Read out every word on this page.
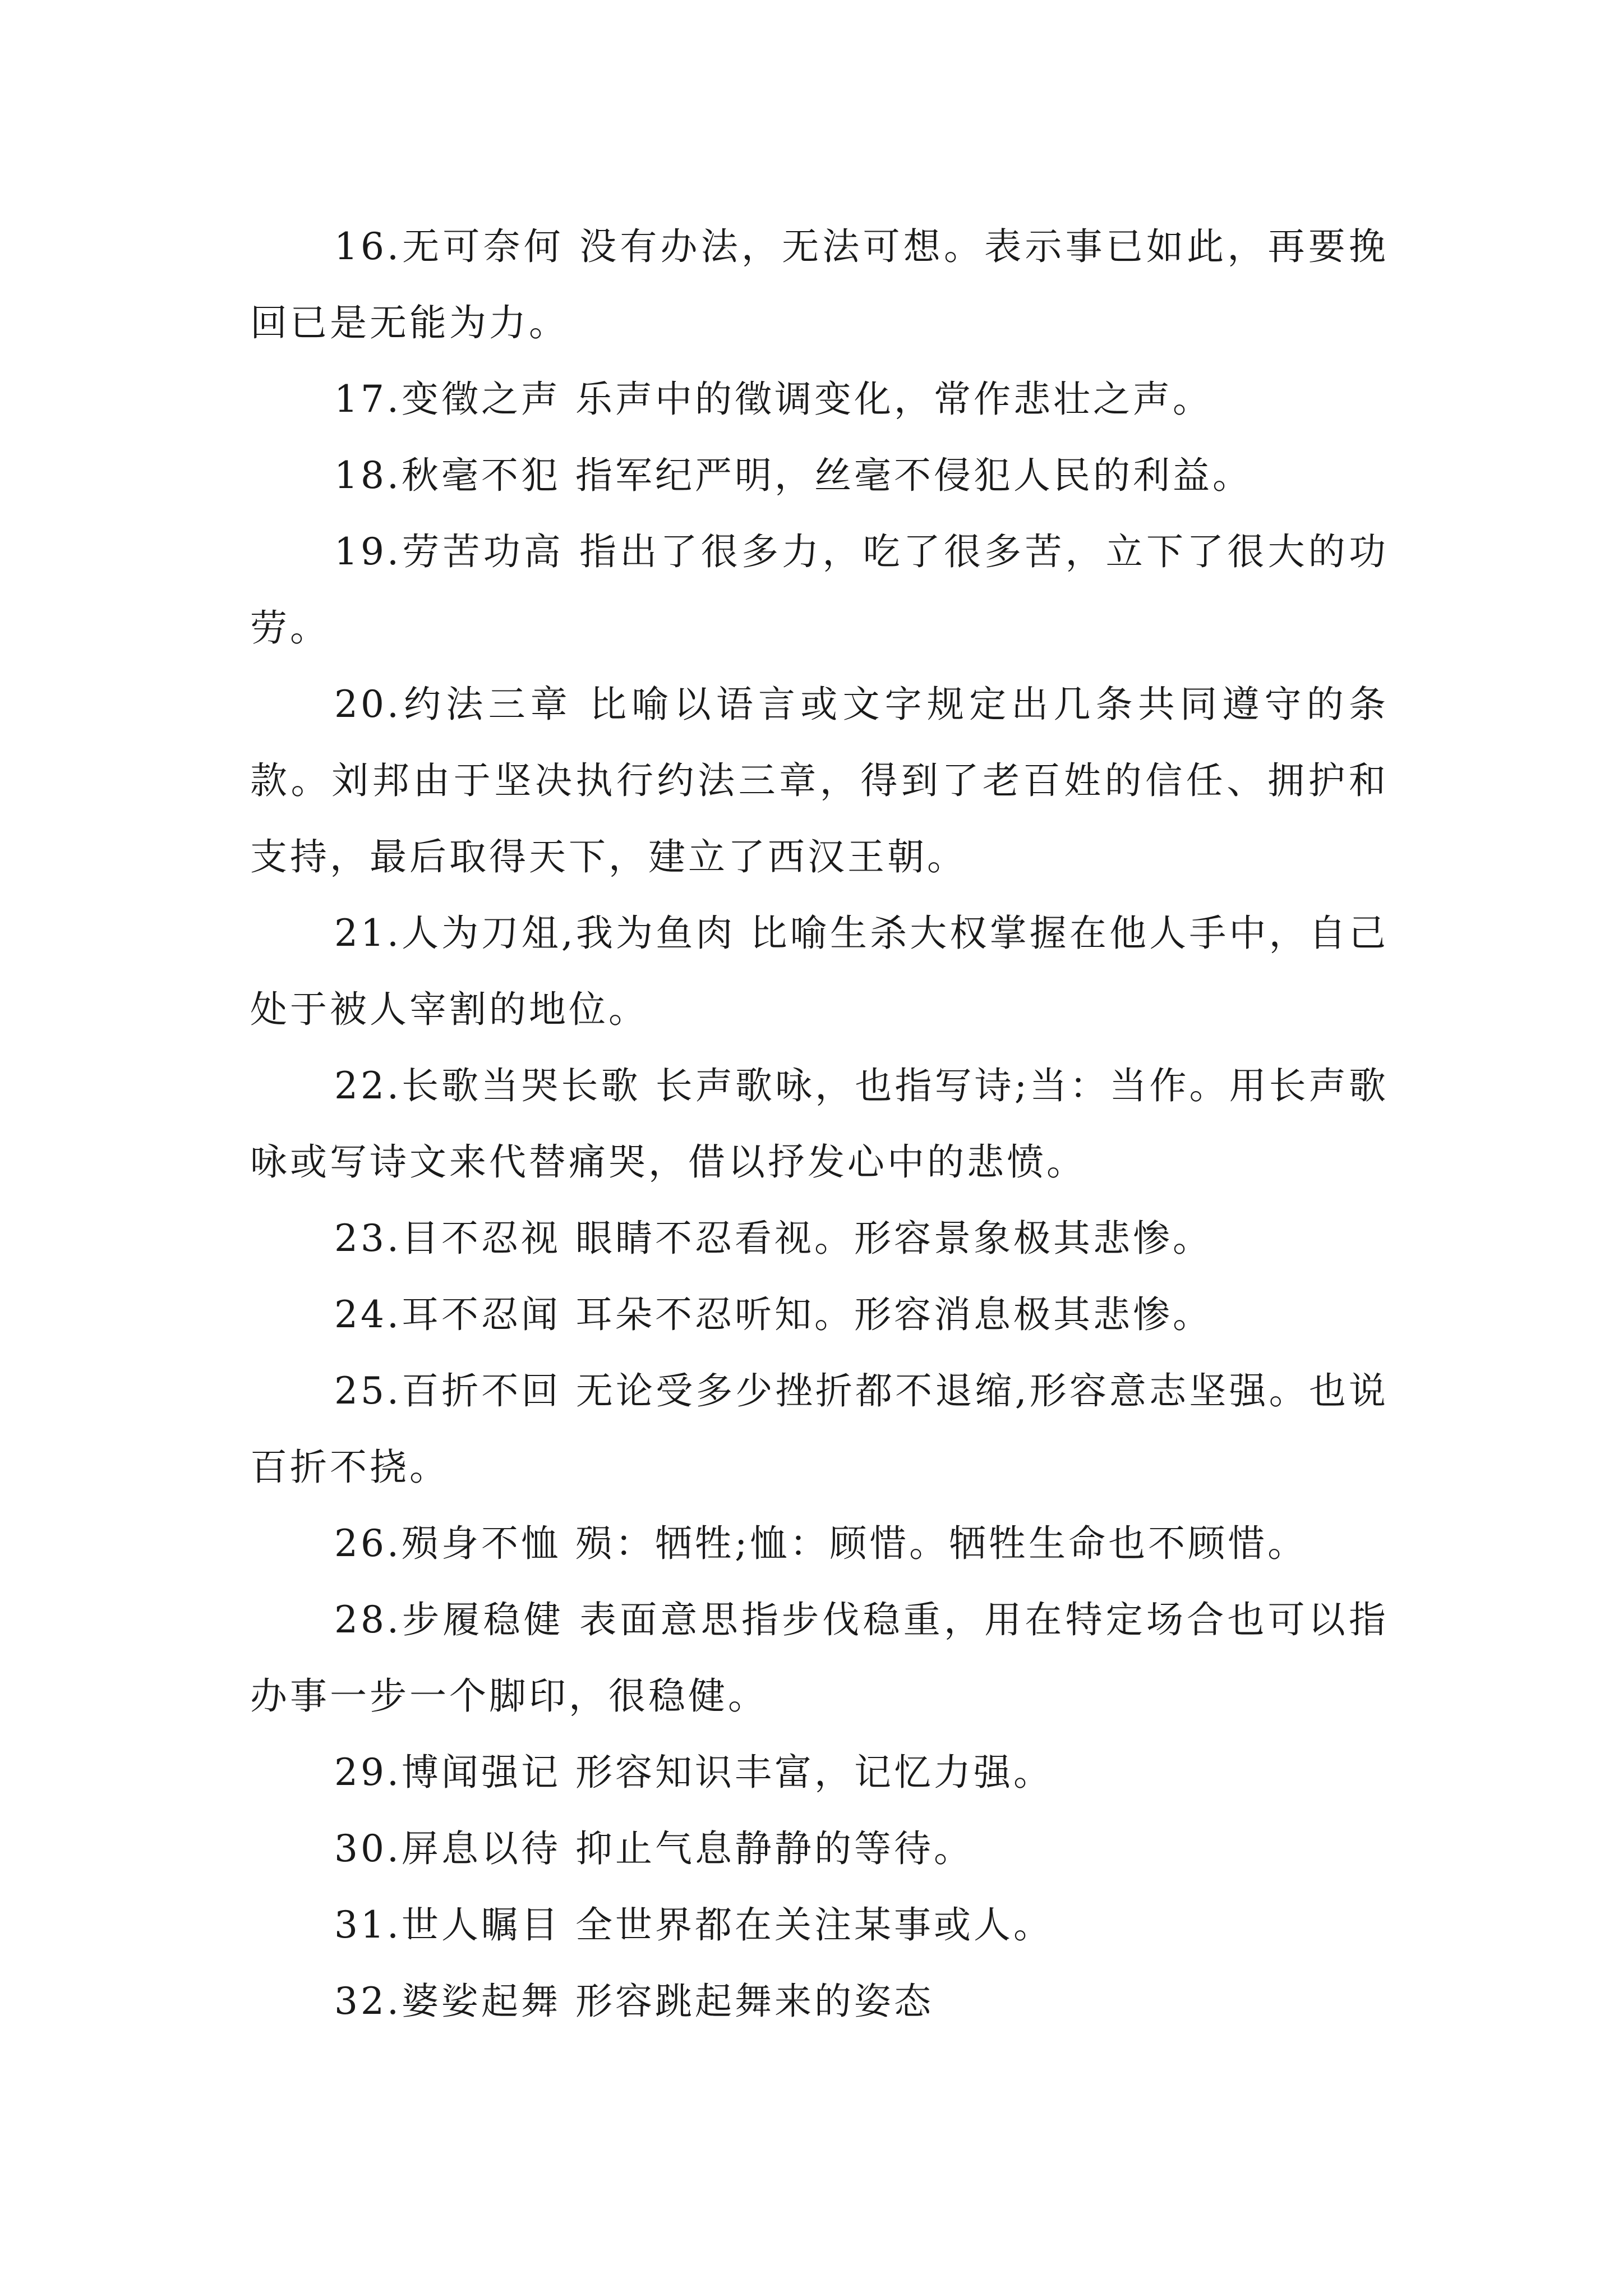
16.无可奈何 没有办法，无法可想。表示事已如此，再要挽回已是无能为力。

17.变徵之声 乐声中的徵调变化，常作悲壮之声。

18.秋毫不犯 指军纪严明，丝毫不侵犯人民的利益。

19.劳苦功高 指出了很多力，吃了很多苦，立下了很大的功劳。

20.约法三章 比喻以语言或文字规定出几条共同遵守的条款。刘邦由于坚决执行约法三章，得到了老百姓的信任、拥护和支持，最后取得天下，建立了西汉王朝。

21.人为刀俎,我为鱼肉 比喻生杀大权掌握在他人手中，自己处于被人宰割的地位。

22.长歌当哭长歌 长声歌咏，也指写诗;当：当作。用长声歌咏或写诗文来代替痛哭，借以抒发心中的悲愤。

23.目不忍视 眼睛不忍看视。形容景象极其悲惨。

24.耳不忍闻 耳朵不忍听知。形容消息极其悲惨。

25.百折不回 无论受多少挫折都不退缩,形容意志坚强。也说百折不挠。

26.殒身不恤 殒：牺牲;恤：顾惜。牺牲生命也不顾惜。

28.步履稳健 表面意思指步伐稳重，用在特定场合也可以指办事一步一个脚印，很稳健。

29.博闻强记 形容知识丰富，记忆力强。

30.屏息以待 抑止气息静静的等待。

31.世人瞩目 全世界都在关注某事或人。

32.婆娑起舞 形容跳起舞来的姿态
